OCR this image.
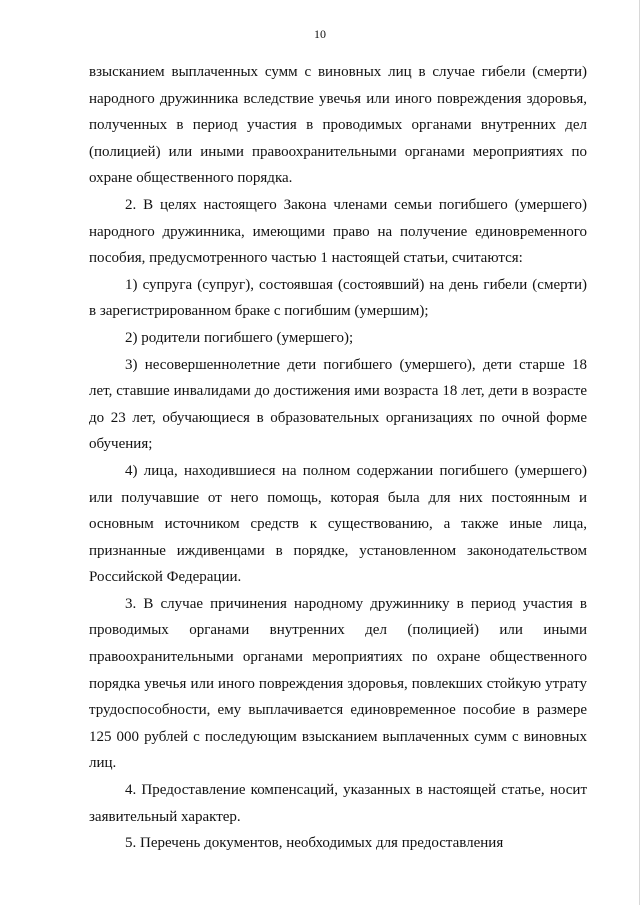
10

взысканием выплаченных сумм с виновных лиц в случае гибели (смерти) народного дружинника вследствие увечья или иного повреждения здоровья, полученных в период участия в проводимых органами внутренних дел (полицией) или иными правоохранительными органами мероприятиях по охране общественного порядка.

2. В целях настоящего Закона членами семьи погибшего (умершего) народного дружинника, имеющими право на получение единовременного пособия, предусмотренного частью 1 настоящей статьи, считаются:

1) супруга (супруг), состоявшая (состоявший) на день гибели (смерти) в зарегистрированном браке с погибшим (умершим);

2) родители погибшего (умершего);

3) несовершеннолетние дети погибшего (умершего), дети старше 18 лет, ставшие инвалидами до достижения ими возраста 18 лет, дети в возрасте до 23 лет, обучающиеся в образовательных организациях по очной форме обучения;

4) лица, находившиеся на полном содержании погибшего (умершего) или получавшие от него помощь, которая была для них постоянным и основным источником средств к существованию, а также иные лица, признанные иждивенцами в порядке, установленном законодательством Российской Федерации.

3. В случае причинения народному дружиннику в период участия в проводимых органами внутренних дел (полицией) или иными правоохранительными органами мероприятиях по охране общественного порядка увечья или иного повреждения здоровья, повлекших стойкую утрату трудоспособности, ему выплачивается единовременное пособие в размере 125 000 рублей с последующим взысканием выплаченных сумм с виновных лиц.

4. Предоставление компенсаций, указанных в настоящей статье, носит заявительный характер.

5. Перечень документов, необходимых для предоставления
